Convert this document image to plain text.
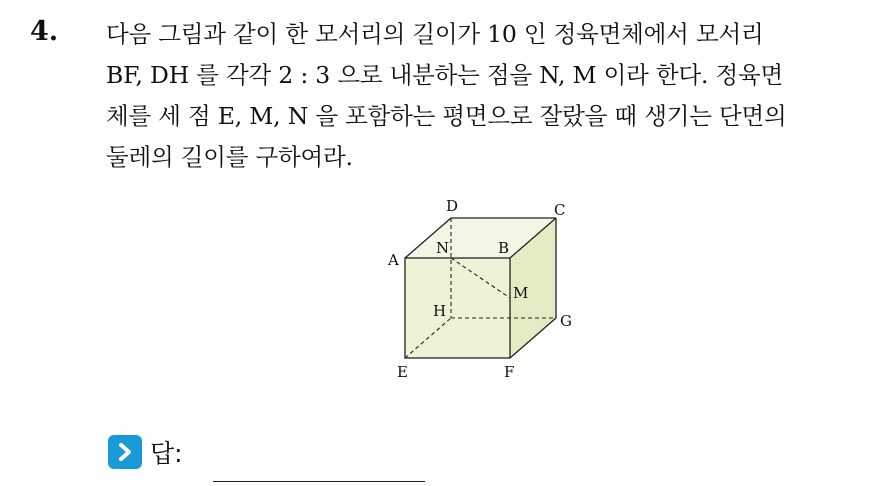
4. 다음 그림과 같이 한 모서리의 길이가 10 인 정육면체에서 모서리
BF, DH 를 각각 2 : 3 으로 내분하는 점을 N, M 이라 한다. 정육면
체를 세 점 E, M, N 을 포함하는 평면으로 잘랐을 때 생기는 단면의
둘레의 길이를 구하여라.
D	C
N	B
A
M
H
G
E	F
답:
